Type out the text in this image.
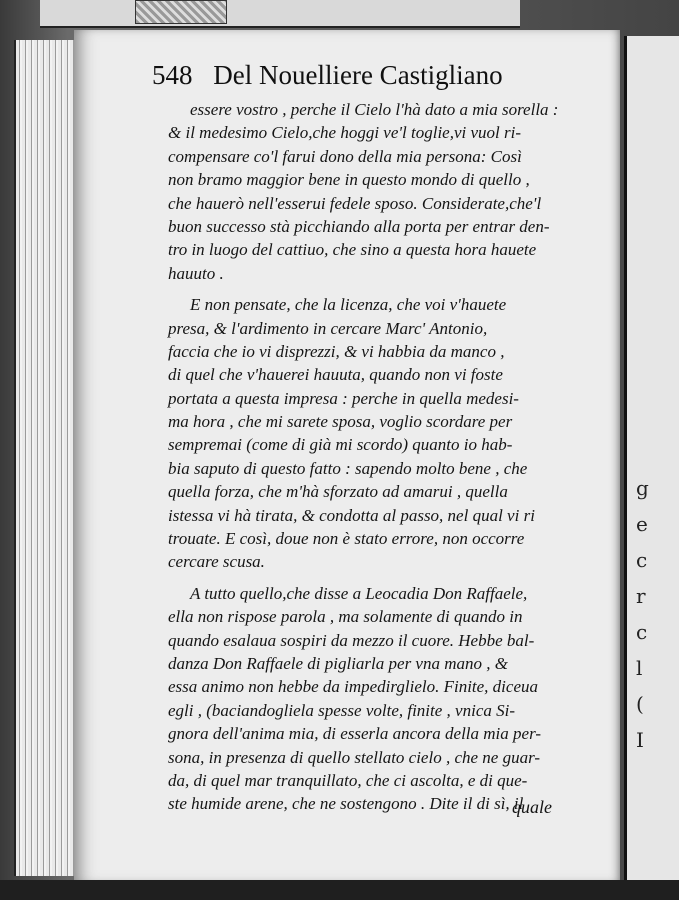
g
e
c
r
c
l
(
I
548 Del Nouelliere Castigliano
essere vostro , perche il Cielo l'hà dato a mia sorella :
& il medesimo Cielo,che hoggi ve'l toglie,vi vuol ri-
compensare co'l farui dono della mia persona: Così
non bramo maggior bene in questo mondo di quello ,
che hauerò nell'esserui fedele sposo. Considerate,che'l
buon successo stà picchiando alla porta per entrar den-
tro in luogo del cattiuo, che sino a questa hora hauete
hauuto .
E non pensate, che la licenza, che voi v'hauete
presa, & l'ardimento in cercare Marc' Antonio,
faccia che io vi disprezzi, & vi habbia da manco ,
di quel che v'hauerei hauuta, quando non vi foste
portata a questa impresa : perche in quella medesi-
ma hora , che mi sarete sposa, voglio scordare per
sempremai (come di già mi scordo) quanto io hab-
bia saputo di questo fatto : sapendo molto bene , che
quella forza, che m'hà sforzato ad amarui , quella
istessa vi hà tirata, & condotta al passo, nel qual vi ri
trouate. E così, doue non è stato errore, non occorre
cercare scusa.
A tutto quello,che disse a Leocadia Don Raffaele,
ella non rispose parola , ma solamente di quando in
quando esalaua sospiri da mezzo il cuore. Hebbe bal-
danza Don Raffaele di pigliarla per vna mano , &
essa animo non hebbe da impedirglielo. Finite, diceua
egli , (baciandogliela spesse volte, finite , vnica Si-
gnora dell'anima mia, di esserla ancora della mia per-
sona, in presenza di quello stellato cielo , che ne guar-
da, di quel mar tranquillato, che ci ascolta, e di que-
ste humide arene, che ne sostengono . Dite il di sì, il
quale
